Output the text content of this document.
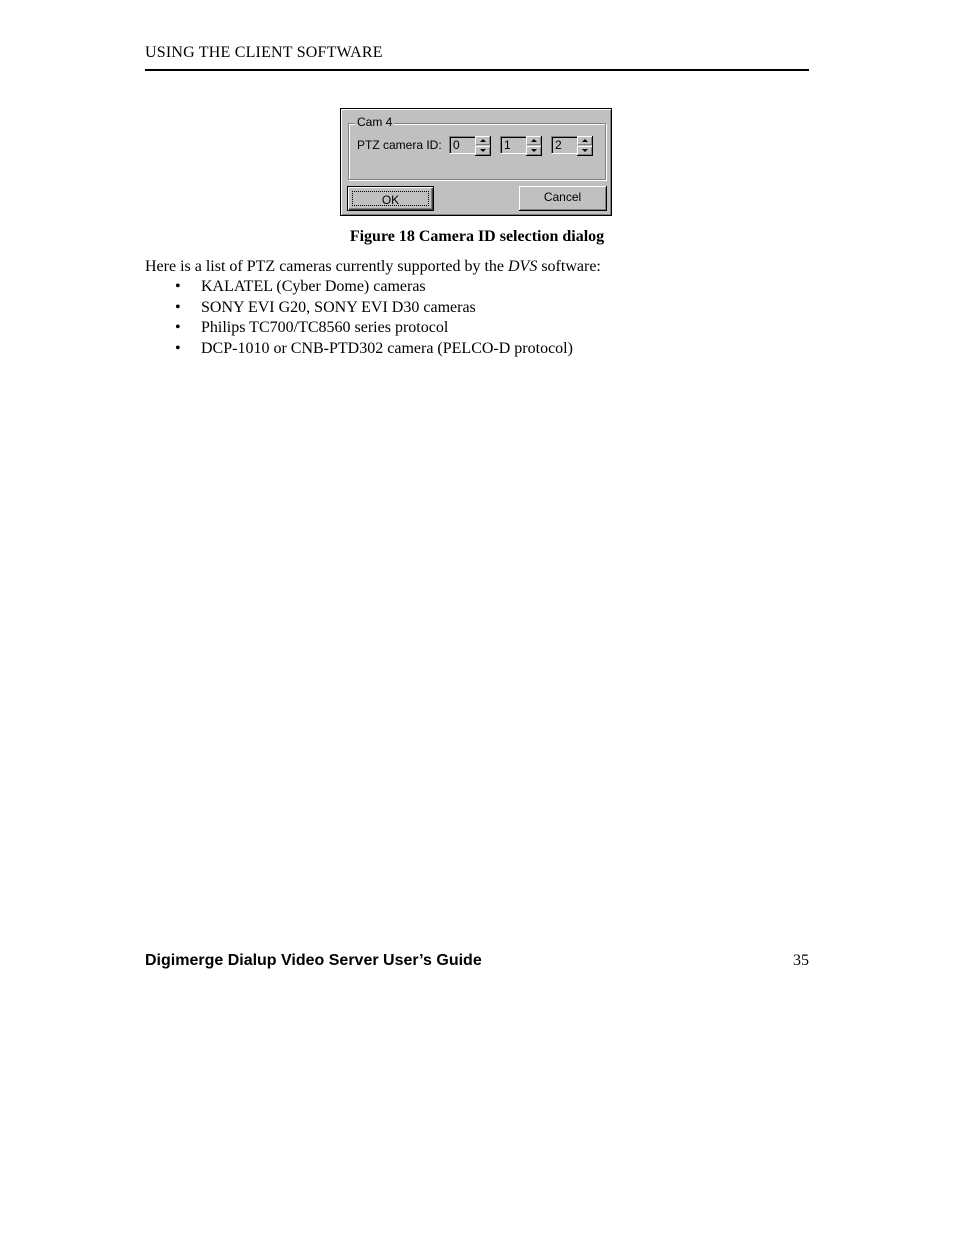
USING THE CLIENT SOFTWARE
Cam 4
PTZ camera ID: 0	1	2
OK	Cancel
Figure 18 Camera ID selection dialog
Here is a list of PTZ cameras currently supported by the DVS software:
• KALATEL (Cyber Dome) cameras
• SONY EVI G20, SONY EVI D30 cameras
• Philips TC700/TC8560 series protocol
• DCP-1010 or CNB-PTD302 camera (PELCO-D protocol)
Digimerge Dialup Video Server User’s Guide	35
